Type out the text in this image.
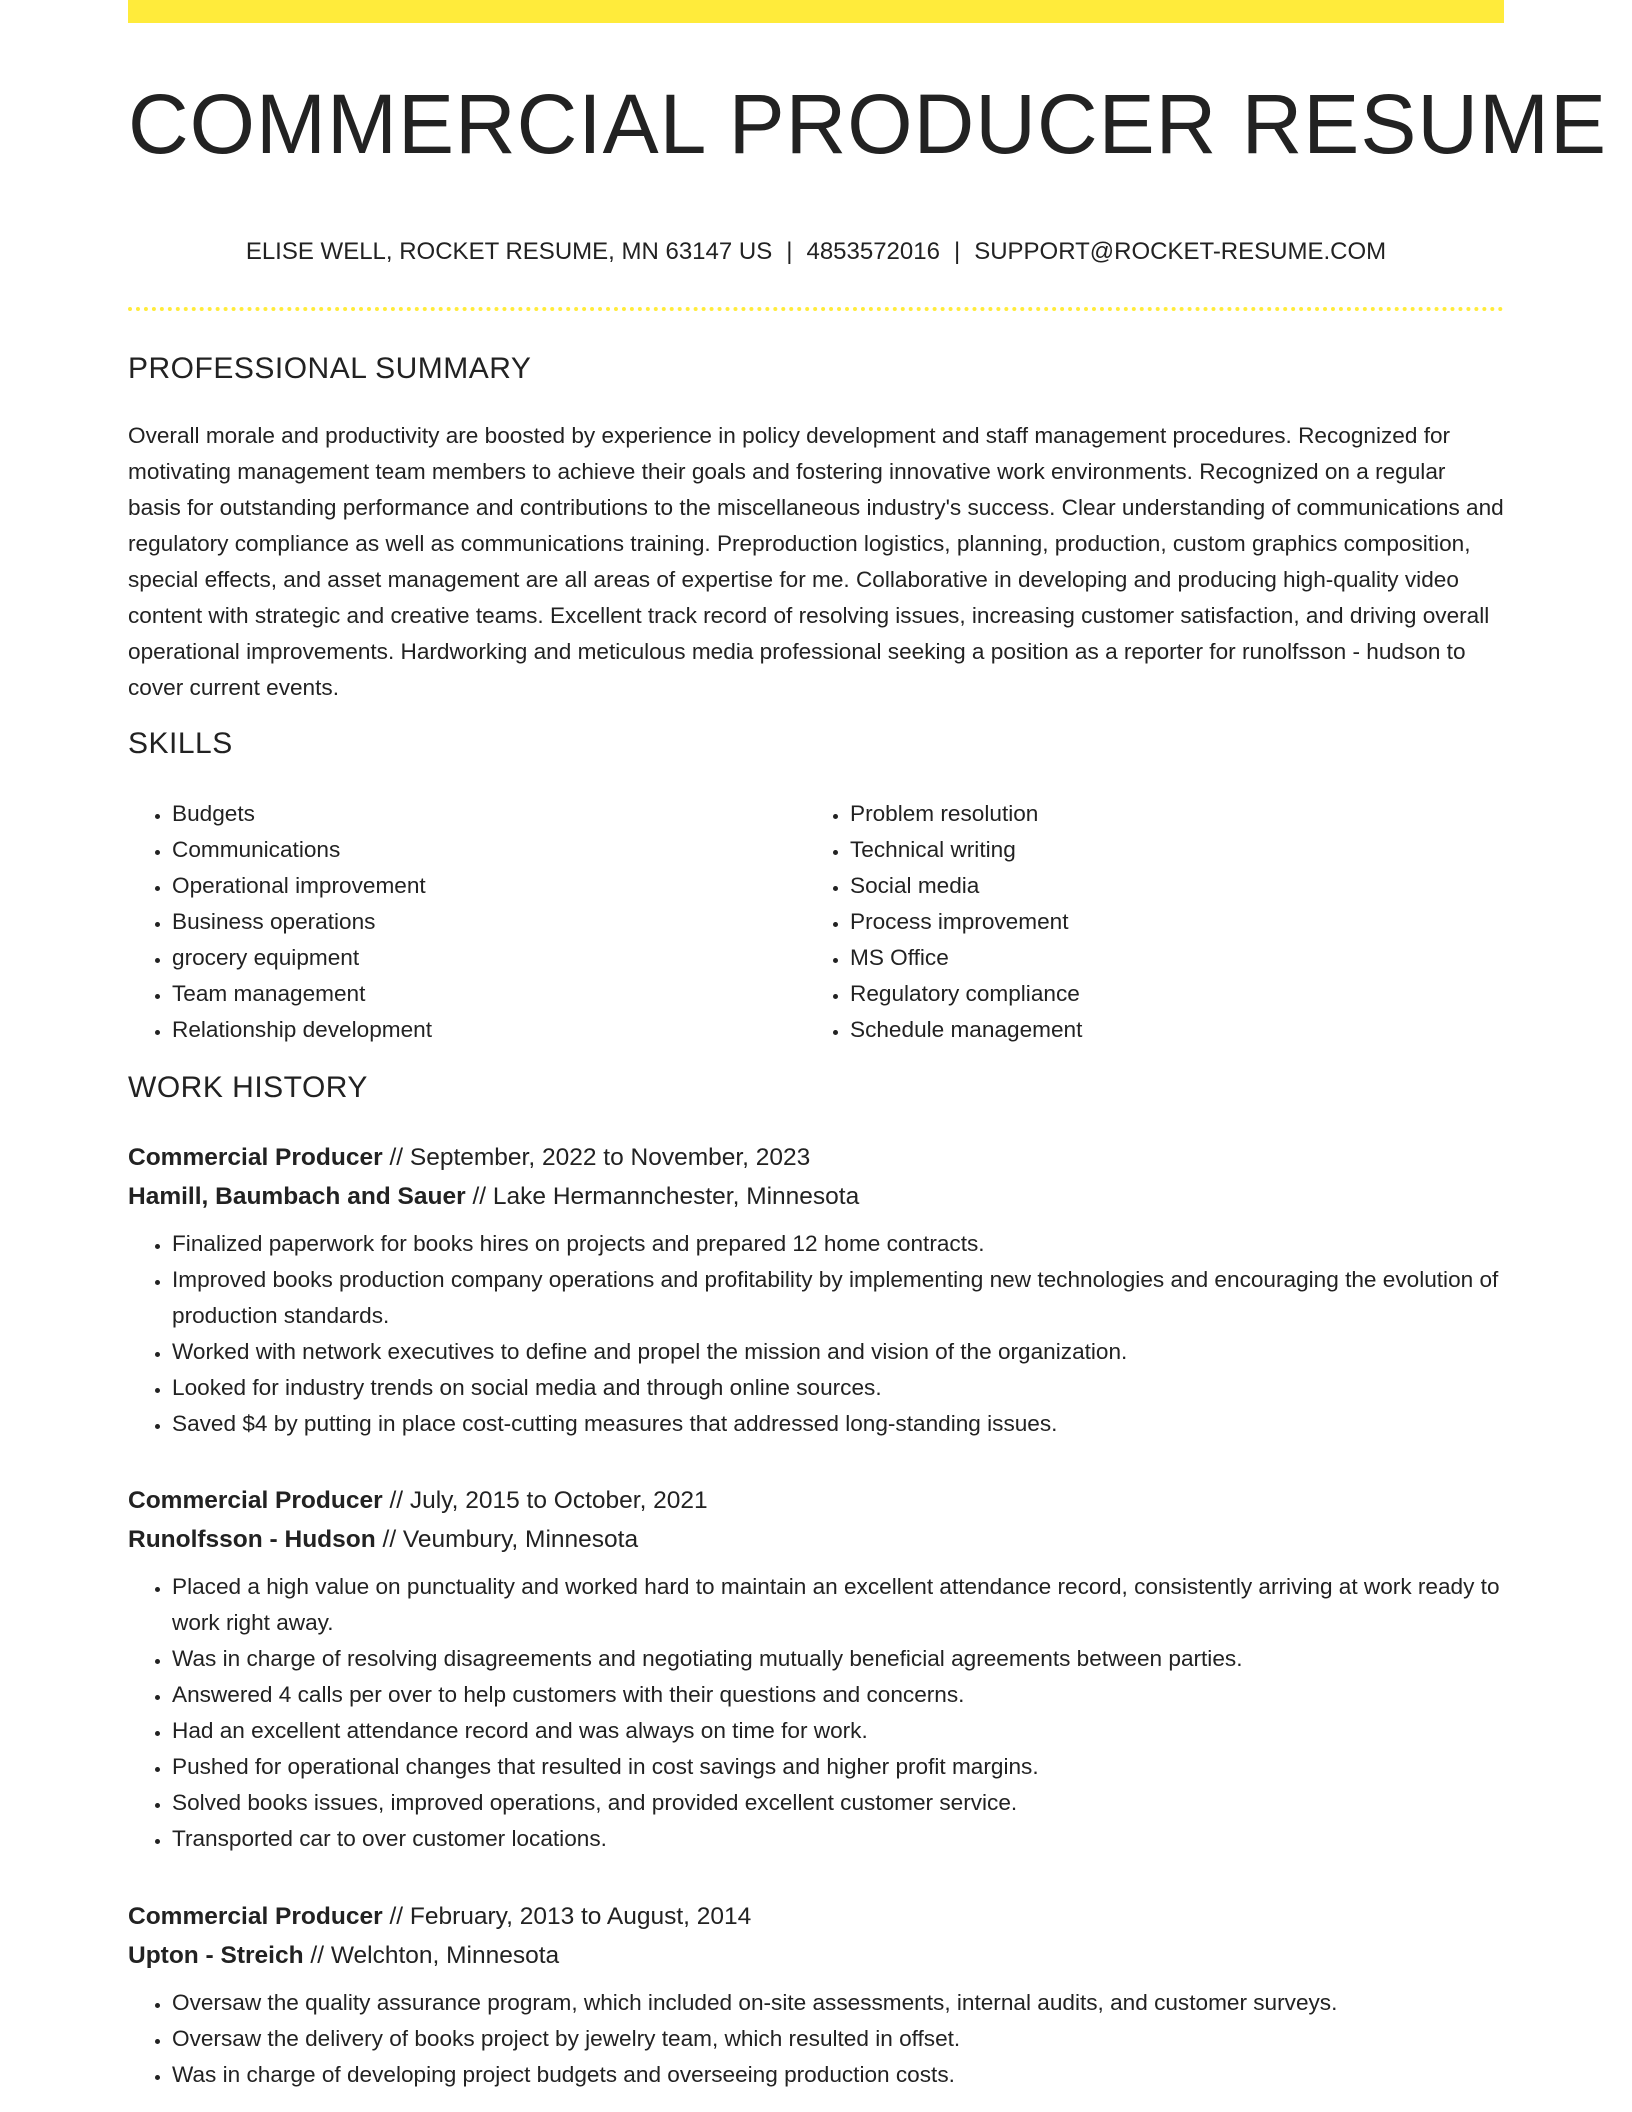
COMMERCIAL PRODUCER RESUME
ELISE WELL, ROCKET RESUME, MN 63147 US | 4853572016 | SUPPORT@ROCKET-RESUME.COM
PROFESSIONAL SUMMARY
Overall morale and productivity are boosted by experience in policy development and staff management procedures. Recognized for motivating management team members to achieve their goals and fostering innovative work environments. Recognized on a regular basis for outstanding performance and contributions to the miscellaneous industry's success. Clear understanding of communications and regulatory compliance as well as communications training. Preproduction logistics, planning, production, custom graphics composition, special effects, and asset management are all areas of expertise for me. Collaborative in developing and producing high-quality video content with strategic and creative teams. Excellent track record of resolving issues, increasing customer satisfaction, and driving overall operational improvements. Hardworking and meticulous media professional seeking a position as a reporter for runolfsson - hudson to cover current events.
SKILLS
• Budgets
• Communications
• Operational improvement
• Business operations
• grocery equipment
• Team management
• Relationship development
• Problem resolution
• Technical writing
• Social media
• Process improvement
• MS Office
• Regulatory compliance
• Schedule management
WORK HISTORY
Commercial Producer // September, 2022 to November, 2023
Hamill, Baumbach and Sauer // Lake Hermannchester, Minnesota
• Finalized paperwork for books hires on projects and prepared 12 home contracts.
• Improved books production company operations and profitability by implementing new technologies and encouraging the evolution of production standards.
• Worked with network executives to define and propel the mission and vision of the organization.
• Looked for industry trends on social media and through online sources.
• Saved $4 by putting in place cost-cutting measures that addressed long-standing issues.
Commercial Producer // July, 2015 to October, 2021
Runolfsson - Hudson // Veumbury, Minnesota
• Placed a high value on punctuality and worked hard to maintain an excellent attendance record, consistently arriving at work ready to work right away.
• Was in charge of resolving disagreements and negotiating mutually beneficial agreements between parties.
• Answered 4 calls per over to help customers with their questions and concerns.
• Had an excellent attendance record and was always on time for work.
• Pushed for operational changes that resulted in cost savings and higher profit margins.
• Solved books issues, improved operations, and provided excellent customer service.
• Transported car to over customer locations.
Commercial Producer // February, 2013 to August, 2014
Upton - Streich // Welchton, Minnesota
• Oversaw the quality assurance program, which included on-site assessments, internal audits, and customer surveys.
• Oversaw the delivery of books project by jewelry team, which resulted in offset.
• Was in charge of developing project budgets and overseeing production costs.
